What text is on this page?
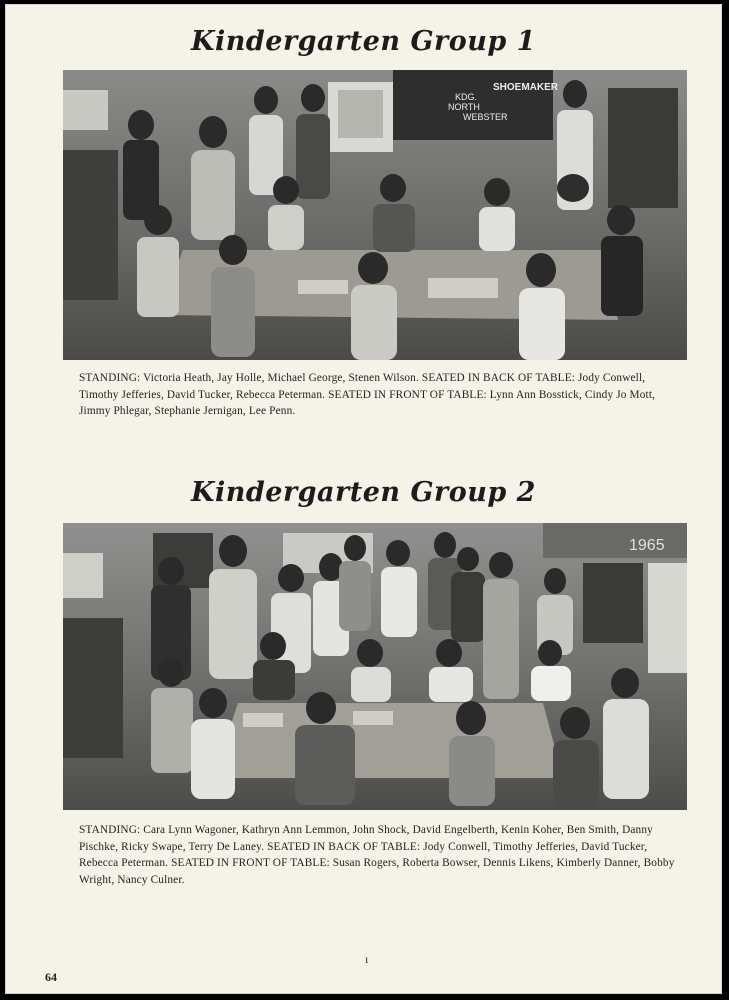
Kindergarten Group 1
KDG.
NORTH
WEBSTER
SHOEMAKER
STANDING: Victoria Heath, Jay Holle, Michael George, Stenen Wilson. SEATED IN BACK OF TABLE: Jody Conwell, Timothy Jefferies, David Tucker, Rebecca Peterman. SEATED IN FRONT OF TABLE: Lynn Ann Bosstick, Cindy Jo Mott, Jimmy Phlegar, Stephanie Jernigan, Lee Penn.
Kindergarten Group 2
1965
STANDING: Cara Lynn Wagoner, Kathryn Ann Lemmon, John Shock, David Engelberth, Kenin Koher, Ben Smith, Danny Pischke, Ricky Swape, Terry De Laney. SEATED IN BACK OF TABLE: Jody Conwell, Timothy Jefferies, David Tucker, Rebecca Peterman. SEATED IN FRONT OF TABLE: Susan Rogers, Roberta Bowser, Dennis Likens, Kimberly Danner, Bobby Wright, Nancy Culner.
ı
64
